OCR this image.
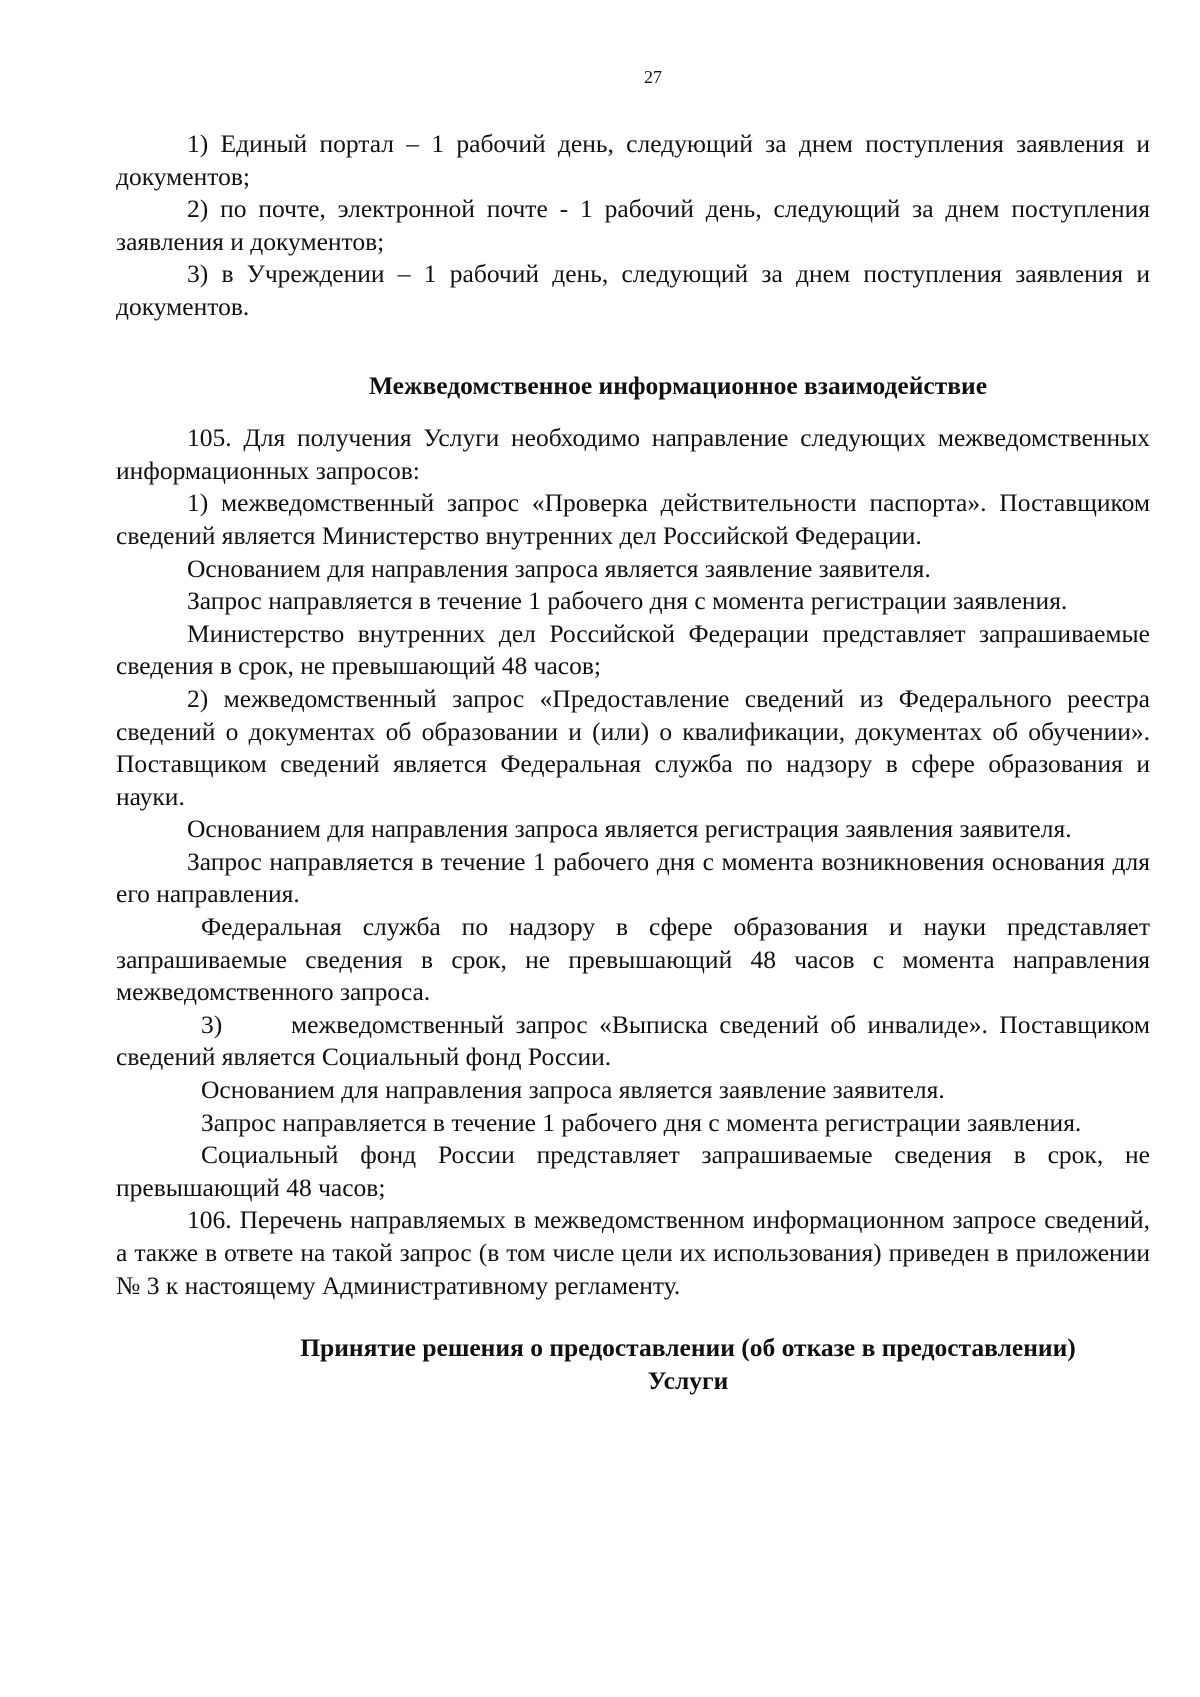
27

1) Единый портал – 1 рабочий день, следующий за днем поступления заявления и документов;

2) по почте, электронной почте - 1 рабочий день, следующий за днем поступления заявления и документов;

3) в Учреждении – 1 рабочий день, следующий за днем поступления заявления и документов.

Межведомственное информационное взаимодействие

105. Для получения Услуги необходимо направление следующих межведомственных информационных запросов:

1) межведомственный запрос «Проверка действительности паспорта». Поставщиком сведений является Министерство внутренних дел Российской Федерации.

Основанием для направления запроса является заявление заявителя.

Запрос направляется в течение 1 рабочего дня с момента регистрации заявления.

Министерство внутренних дел Российской Федерации представляет запрашиваемые сведения в срок, не превышающий 48 часов;

2) межведомственный запрос «Предоставление сведений из Федерального реестра сведений о документах об образовании и (или) о квалификации, документах об обучении». Поставщиком сведений является Федеральная служба по надзору в сфере образования и науки.

Основанием для направления запроса является регистрация заявления заявителя.

Запрос направляется в течение 1 рабочего дня с момента возникновения основания для его направления.

Федеральная служба по надзору в сфере образования и науки представляет запрашиваемые сведения в срок, не превышающий 48 часов с момента направления межведомственного запроса.

3)      межведомственный запрос «Выписка сведений об инвалиде». Поставщиком сведений является Социальный фонд России.

Основанием для направления запроса является заявление заявителя.

Запрос направляется в течение 1 рабочего дня с момента регистрации заявления.

Социальный фонд России представляет запрашиваемые сведения в срок, не превышающий 48 часов;

106. Перечень направляемых в межведомственном информационном запросе сведений, а также в ответе на такой запрос (в том числе цели их использования) приведен в приложении № 3 к настоящему Административному регламенту.

Принятие решения о предоставлении (об отказе в предоставлении)
Услуги
